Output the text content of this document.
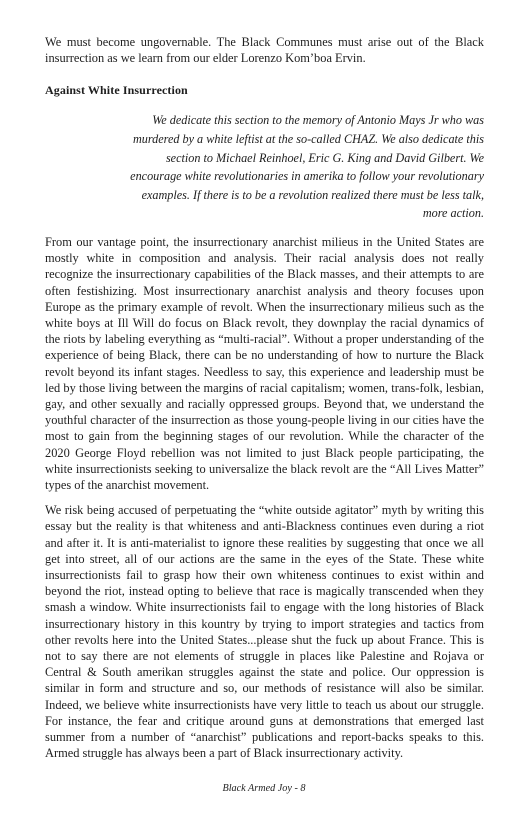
We must become ungovernable. The Black Communes must arise out of the Black insurrection as we learn from our elder Lorenzo Kom’boa Ervin.

Against White Insurrection

We dedicate this section to the memory of Antonio Mays Jr who was murdered by a white leftist at the so-called CHAZ. We also dedicate this section to Michael Reinhoel, Eric G. King and David Gilbert. We encourage white revolutionaries in amerika to follow your revolutionary examples. If there is to be a revolution realized there must be less talk, more action.

From our vantage point, the insurrectionary anarchist milieus in the United States are mostly white in composition and analysis. Their racial analysis does not really recognize the insurrectionary capabilities of the Black masses, and their attempts to are often festishizing. Most insurrectionary anarchist analysis and theory focuses upon Europe as the primary example of revolt. When the insurrectionary milieus such as the white boys at Ill Will do focus on Black revolt, they downplay the racial dynamics of the riots by labeling everything as “multi-racial”. Without a proper understanding of the experience of being Black, there can be no understanding of how to nurture the Black revolt beyond its infant stages. Needless to say, this experience and leadership must be led by those living between the margins of racial capitalism; women, trans-folk, lesbian, gay, and other sexually and racially oppressed groups. Beyond that, we understand the youthful character of the insurrection as those young-people living in our cities have the most to gain from the beginning stages of our revolution. While the character of the 2020 George Floyd rebellion was not limited to just Black people participating, the white insurrectionists seeking to universalize the black revolt are the “All Lives Matter” types of the anarchist movement.

We risk being accused of perpetuating the “white outside agitator” myth by writing this essay but the reality is that whiteness and anti-Blackness continues even during a riot and after it. It is anti-materialist to ignore these realities by suggesting that once we all get into street, all of our actions are the same in the eyes of the State. These white insurrectionists fail to grasp how their own whiteness continues to exist within and beyond the riot, instead opting to believe that race is magically transcended when they smash a window. White insurrectionists fail to engage with the long histories of Black insurrectionary history in this kountry by trying to import strategies and tactics from other revolts here into the United States...please shut the fuck up about France. This is not to say there are not elements of struggle in places like Palestine and Rojava or Central & South amerikan struggles against the state and police. Our oppression is similar in form and structure and so, our methods of resistance will also be similar. Indeed, we believe white insurrectionists have very little to teach us about our struggle. For instance, the fear and critique around guns at demonstrations that emerged last summer from a number of “anarchist” publications and report-backs speaks to this. Armed struggle has always been a part of Black insurrectionary activity.

Black Armed Joy - 8
